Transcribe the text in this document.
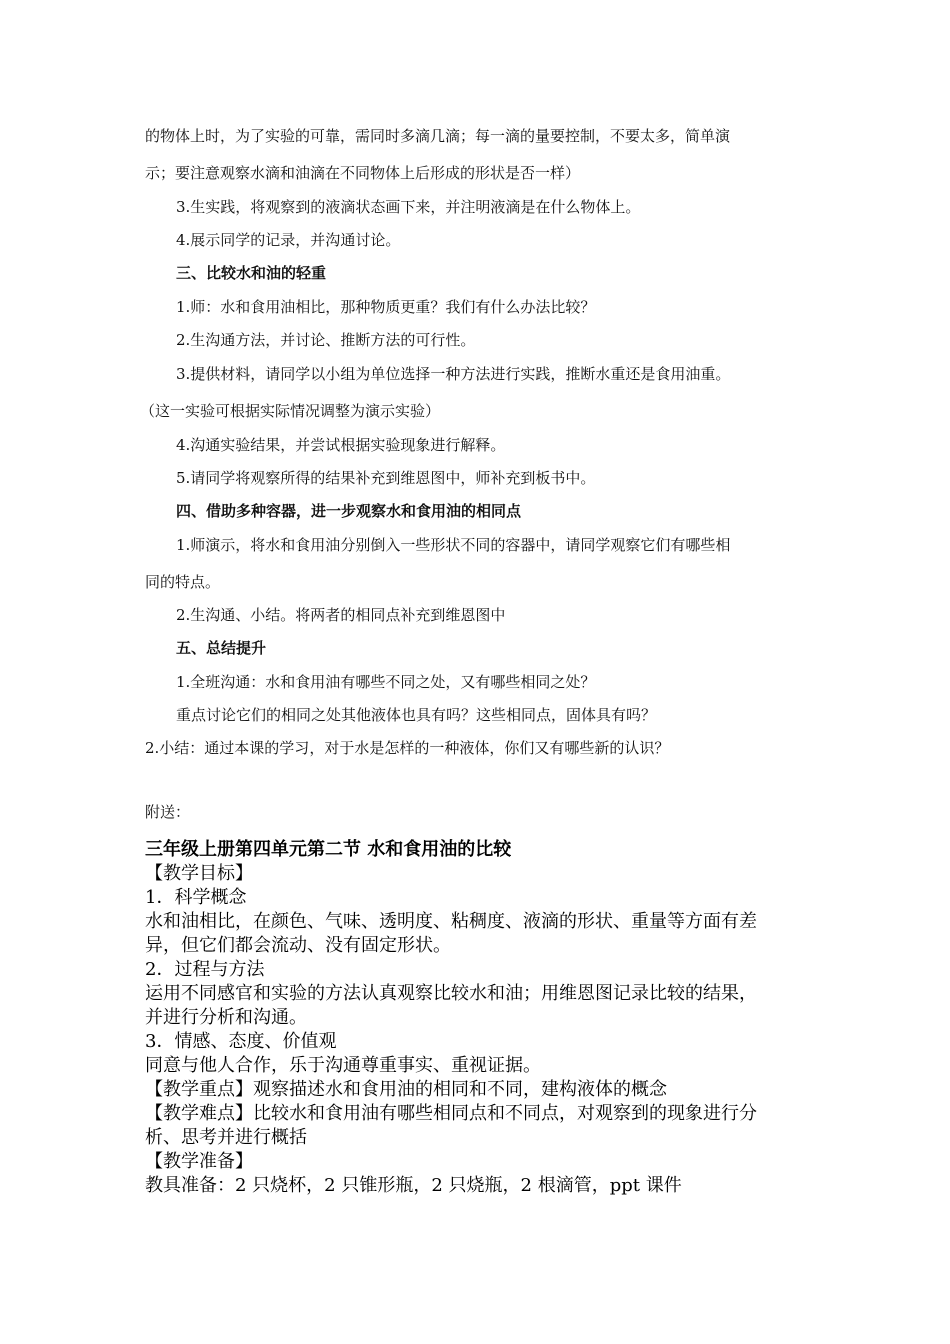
的物体上时，为了实验的可靠，需同时多滴几滴；每一滴的量要控制，不要太多，简单演
示；要注意观察水滴和油滴在不同物体上后形成的形状是否一样）
3.生实践，将观察到的液滴状态画下来，并注明液滴是在什么物体上。
4.展示同学的记录，并沟通讨论。
三、比较水和油的轻重
1.师：水和食用油相比，那种物质更重？我们有什么办法比较？
2.生沟通方法，并讨论、推断方法的可行性。
3.提供材料，请同学以小组为单位选择一种方法进行实践，推断水重还是食用油重。
（这一实验可根据实际情况调整为演示实验）
4.沟通实验结果，并尝试根据实验现象进行解释。
5.请同学将观察所得的结果补充到维恩图中，师补充到板书中。
四、借助多种容器，进一步观察水和食用油的相同点
1.师演示，将水和食用油分别倒入一些形状不同的容器中，请同学观察它们有哪些相
同的特点。
2.生沟通、小结。将两者的相同点补充到维恩图中
五、总结提升
1.全班沟通：水和食用油有哪些不同之处，又有哪些相同之处？
重点讨论它们的相同之处其他液体也具有吗？这些相同点，固体具有吗？
2.小结：通过本课的学习，对于水是怎样的一种液体，你们又有哪些新的认识？
附送：
三年级上册第四单元第二节 水和食用油的比较
【教学目标】
1．科学概念
水和油相比，在颜色、气味、透明度、粘稠度、液滴的形状、重量等方面有差
异，但它们都会流动、没有固定形状。
2．过程与方法
运用不同感官和实验的方法认真观察比较水和油；用维恩图记录比较的结果，
并进行分析和沟通。
3．情感、态度、价值观
同意与他人合作，乐于沟通尊重事实、重视证据。
【教学重点】观察描述水和食用油的相同和不同，建构液体的概念
【教学难点】比较水和食用油有哪些相同点和不同点，对观察到的现象进行分
析、思考并进行概括
【教学准备】
教具准备：2 只烧杯，2 只锥形瓶，2 只烧瓶，2 根滴管，ppt 课件
